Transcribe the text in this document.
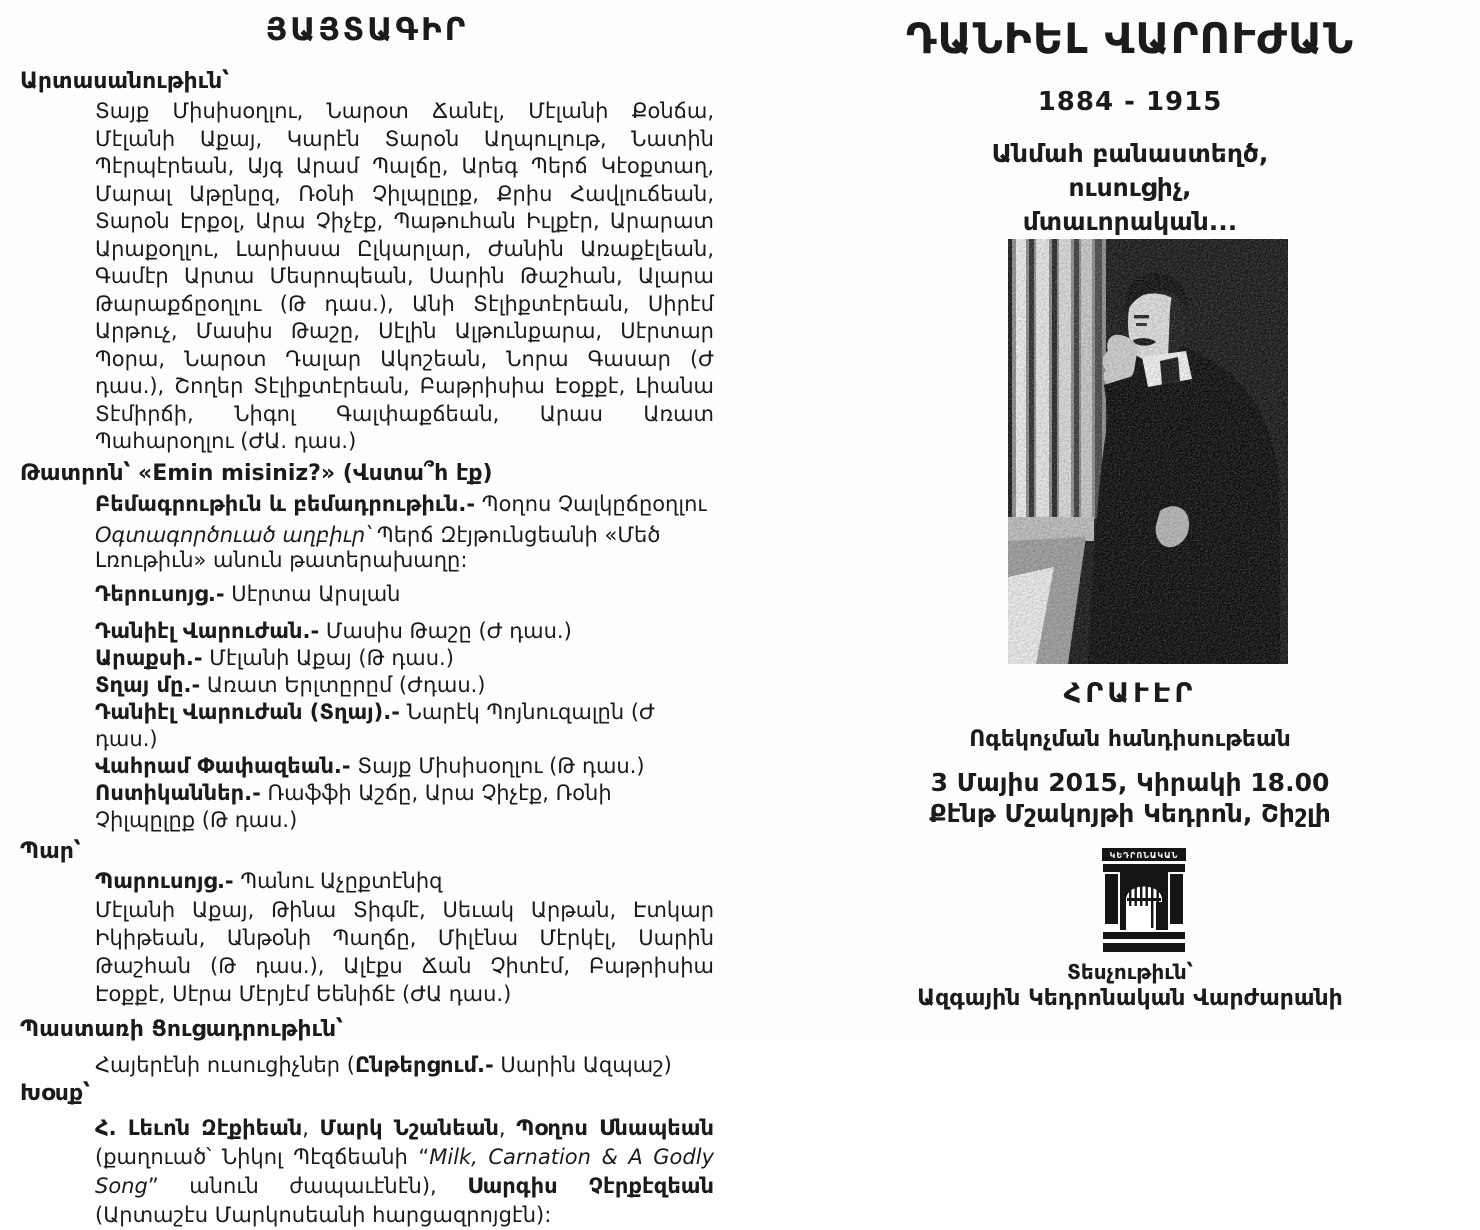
ՅԱՅՏԱԳԻՐ
Արտասանութիւն՝

Տայք Միսիսօղլու, Նարօտ Ճանէլ, Մէլանի Քօնճա, Մէլանի Աքայ, Կարէն Տարօն Աղպուլութ, Նատին Պէրպէրեան, Այգ Արամ Պալճը, Արեգ Պերճ Կէօքտաղ, Մարալ Աթընըզ, Ռօնի Չիլպըլըք, Քրիս Հավլուճեան, Տարօն Էրքօլ, Արա Չիչէք, Պաթուհան Իւլքէր, Արարատ Արաքօղլու, Լարիսսա Ըլկարլար, Ժանին Առաքէլեան, Գամէր Արտա Մեսրոպեան, Սարին Թաշհան, Ալարա Թարաքճըօղլու (Թ դաս.), Անի Տէլիքտէրեան, Սիրէմ Արթուչ, Մասիս Թաշը, Սէլին Ալթունքարա, Սէրտար Պօրա, Նարօտ Դալար Ակոշեան, Նորա Գասար (Ժ դաս.), Շողեր Տէլիքտէրեան, Բաթրիսիա Էօքքէ, Լիանա Տէմիրճի, Նիգոլ Գալփաքճեան, Արաս Առատ Պահարօղլու (ԺԱ. դաս.)

Թատրոն՝ «Emin misiniz?» (Վստա՞հ էք)

Բեմագրութիւն և բեմադրութիւն.- Պօղոս Չալկըճըօղլու

Օգտագործուած աղբիւր՝ Պերճ Զէյթունցեանի «Մեծ Լռութիւն» անուն թատերախաղը:

Դերուսոյց.- Սէրտա Արսլան

Դանիէլ Վարուժան.- Մասիս Թաշը (Ժ դաս.)

Արաքսի.- Մէլանի Աքայ (Թ դաս.)

Տղայ մը.- Առատ Երլտըրըմ (Ժդաս.)

Դանիէլ Վարուժան (Տղայ).- Նարէկ Պոյնուզալըն (Ժ դաս.)

Վահրամ Փափազեան.- Տայք Միսիսօղլու (Թ դաս.)

Ոստիկաններ.- Ռաֆֆի Աշճը, Արա Չիչէք, Ռօնի Չիլպըլըք (Թ դաս.)

Պար՝

Պարուսոյց.- Պանու Աչըքտէնիզ

Մէլանի Աքայ, Թինա Տիգմէ, Սեւակ Արթան, Էտկար Իկիթեան, Անթօնի Պաղճը, Միլէնա Մէրկէլ, Սարին Թաշհան (Թ դաս.), Ալէքս Ճան Չիտէմ, Բաթրիսիա Էօքքէ, Սէրա Մէրյէմ Եենիճէ (ԺԱ դաս.)

Պաստառի Ցուցադրութիւն՝

Հայերէնի ուսուցիչներ (Ընթերցում.- Սարին Ազպաշ)

Խօսք՝

Հ. Լեւոն Զէքիեան, Մարկ Նշանեան, Պօղոս Սնապեան (քաղուած՝ Նիկոլ Պէզճեանի “Milk, Carnation & A Godly Song” անուն ժապաւէնէն), Սարգիս Չէրքէզեան (Արտաշէս Մարկոսեանի հարցազրոյցէն):

ԴԱՆԻԵԼ ՎԱՐՈՒԺԱՆ
1884 - 1915
Անմահ բանաստեղծ,
ուսուցիչ,
մտաւորական...
ՀՐԱՒԷՐ
Ոգեկոչման հանդիսութեան
3 Մայիս 2015, Կիրակի 18.00
Քէնթ Մշակոյթի Կեդրոն, Շիշլի
ԿԵԴՐՈՆԱԿԱՆ
Տեսչութիւն՝
Ազգային Կեդրոնական Վարժարանի
